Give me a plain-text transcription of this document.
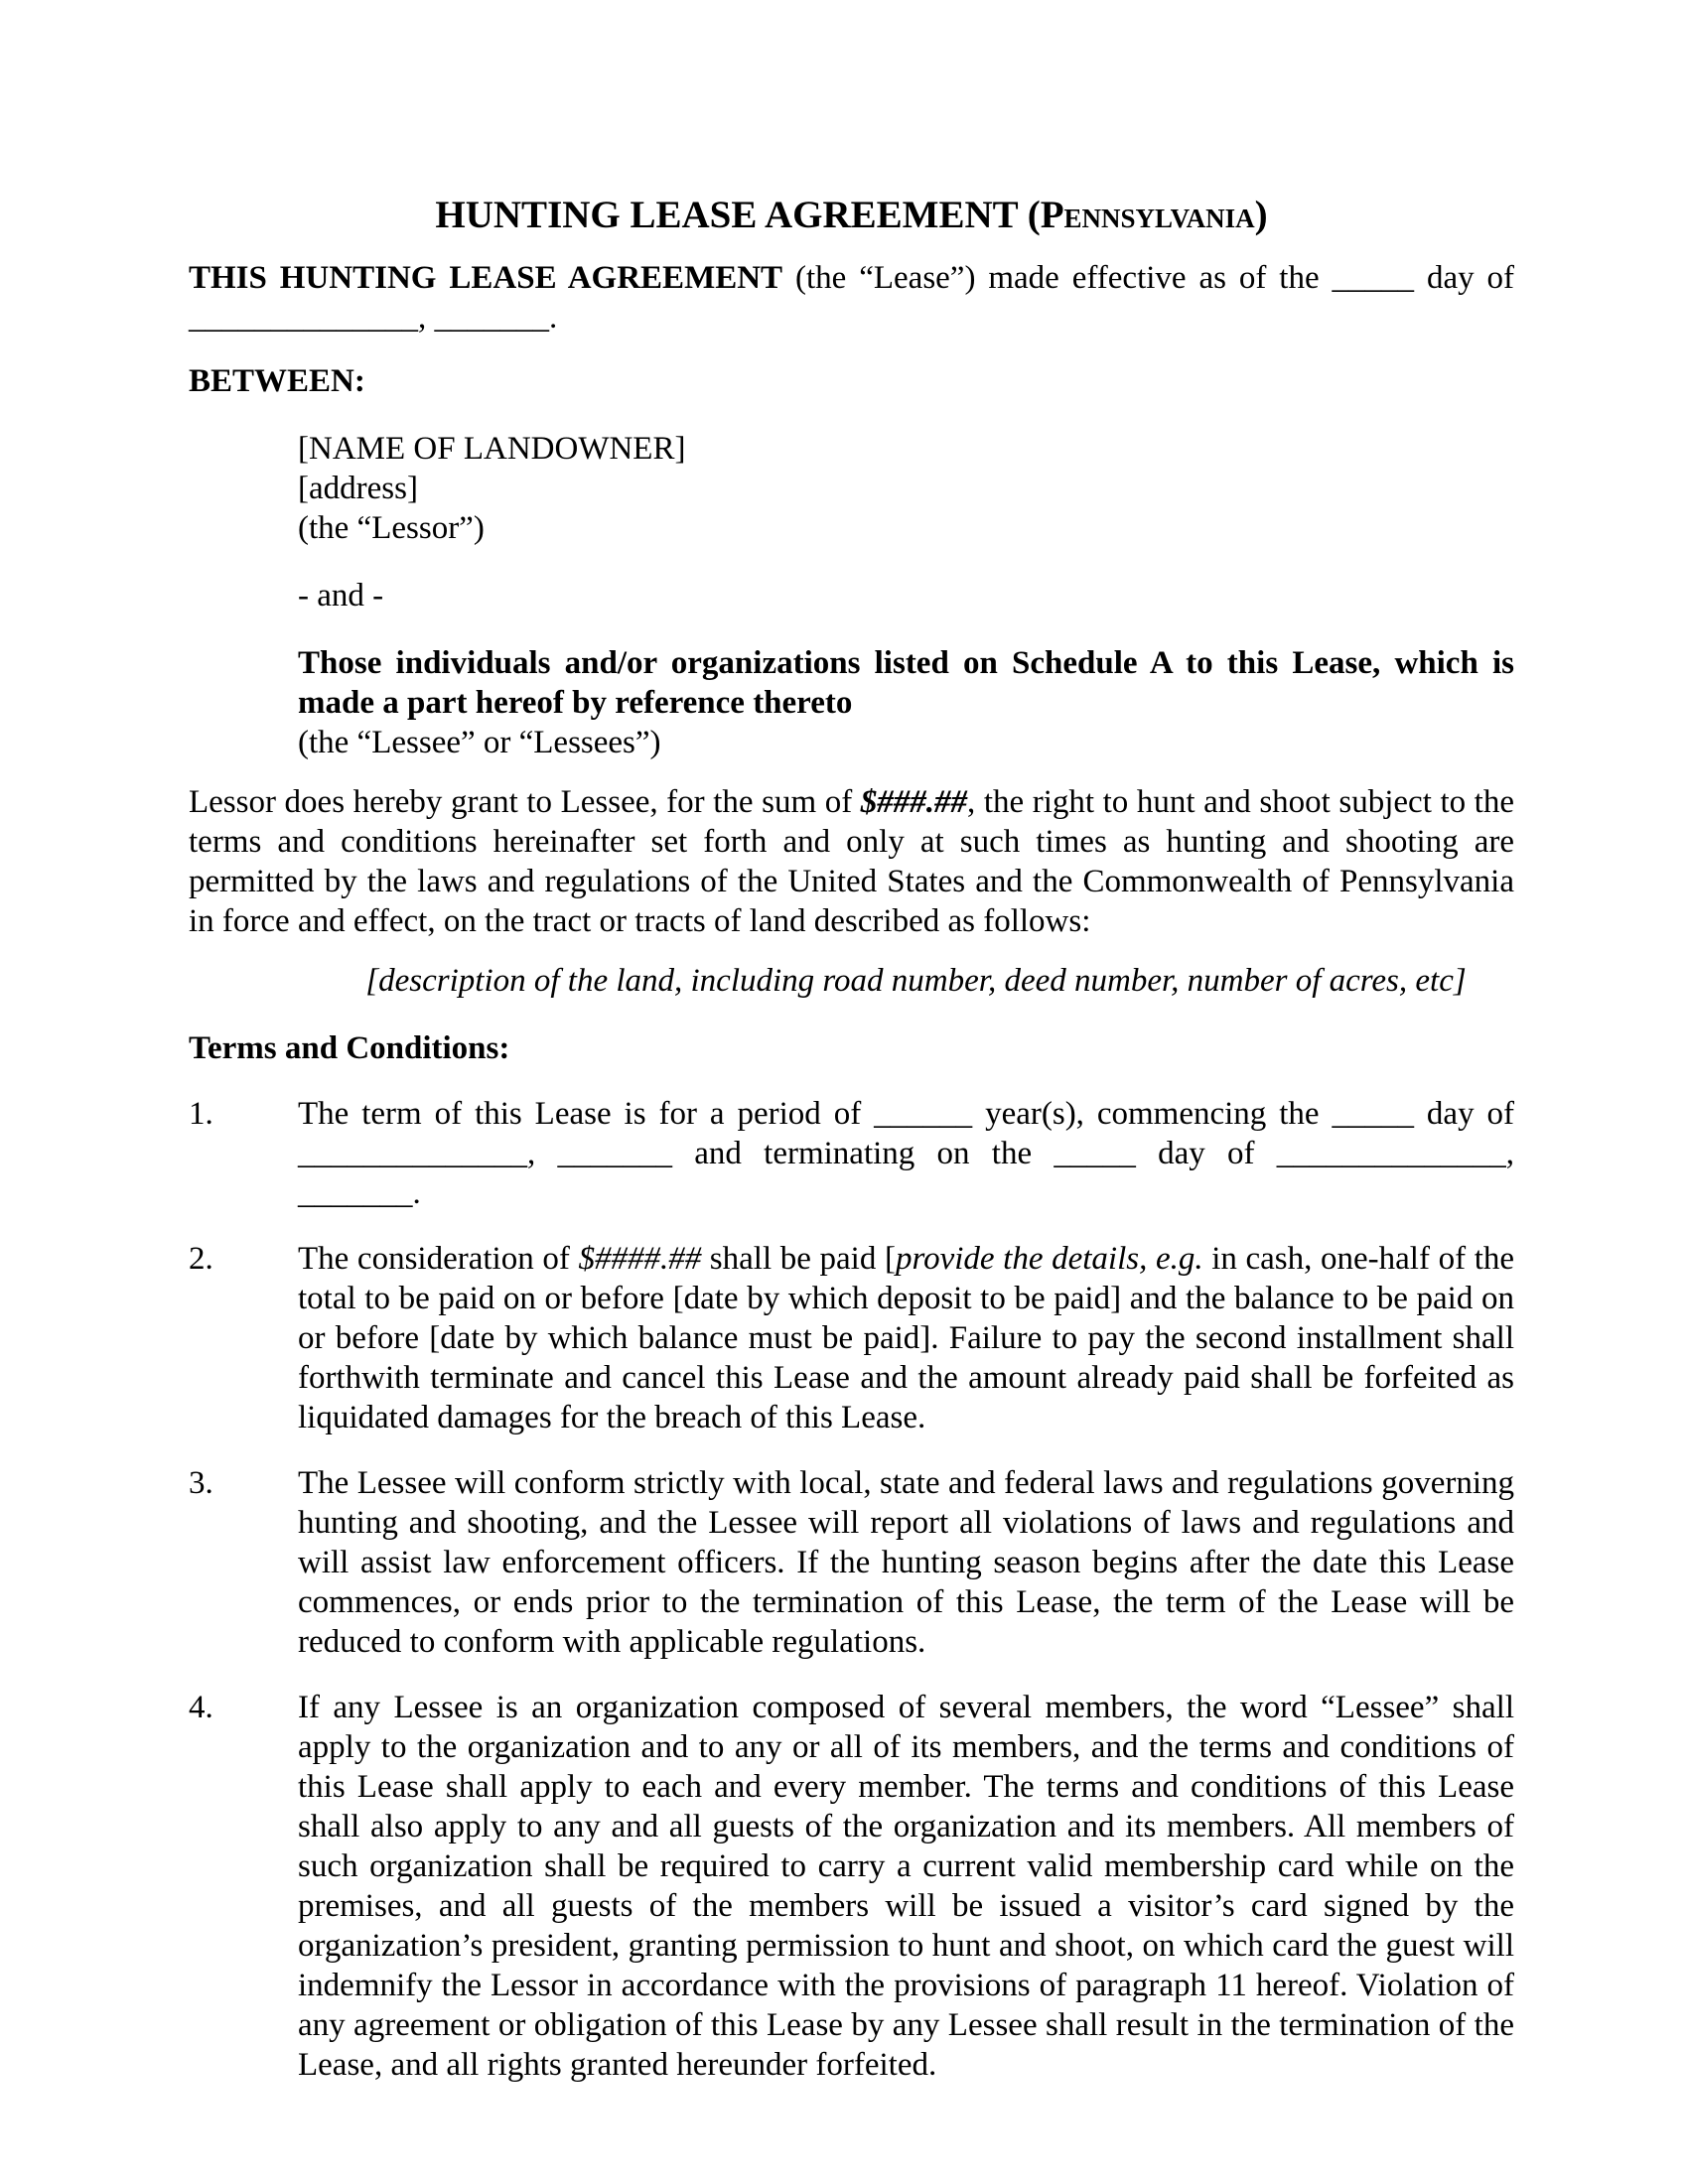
HUNTING LEASE AGREEMENT (Pennsylvania)

THIS HUNTING LEASE AGREEMENT (the “Lease”) made effective as of the _____ day of ______________, _______.

BETWEEN:

[NAME OF LANDOWNER]
[address]
(the “Lessor”)
- and -
Those individuals and/or organizations listed on Schedule A to this Lease, which is made a part hereof by reference thereto
(the “Lessee” or “Lessees”)

Lessor does hereby grant to Lessee, for the sum of $###.##, the right to hunt and shoot subject to the terms and conditions hereinafter set forth and only at such times as hunting and shooting are permitted by the laws and regulations of the United States and the Commonwealth of Pennsylvania in force and effect, on the tract or tracts of land described as follows:

[description of the land, including road number, deed number, number of acres, etc]

Terms and Conditions:

1.	The term of this Lease is for a period of ______ year(s), commencing the _____ day of ______________, _______ and terminating on the _____ day of ______________, _______.
2.	The consideration of $####.## shall be paid [provide the details, e.g. in cash, one-half of the total to be paid on or before [date by which deposit to be paid] and the balance to be paid on or before [date by which balance must be paid]. Failure to pay the second installment shall forthwith terminate and cancel this Lease and the amount already paid shall be forfeited as liquidated damages for the breach of this Lease.
3.	The Lessee will conform strictly with local, state and federal laws and regulations governing hunting and shooting, and the Lessee will report all violations of laws and regulations and will assist law enforcement officers. If the hunting season begins after the date this Lease commences, or ends prior to the termination of this Lease, the term of the Lease will be reduced to conform with applicable regulations.
4.	If any Lessee is an organization composed of several members, the word “Lessee” shall apply to the organization and to any or all of its members, and the terms and conditions of this Lease shall apply to each and every member. The terms and conditions of this Lease shall also apply to any and all guests of the organization and its members. All members of such organization shall be required to carry a current valid membership card while on the premises, and all guests of the members will be issued a visitor’s card signed by the organization’s president, granting permission to hunt and shoot, on which card the guest will indemnify the Lessor in accordance with the provisions of paragraph 11 hereof. Violation of any agreement or obligation of this Lease by any Lessee shall result in the termination of the Lease, and all rights granted hereunder forfeited.
